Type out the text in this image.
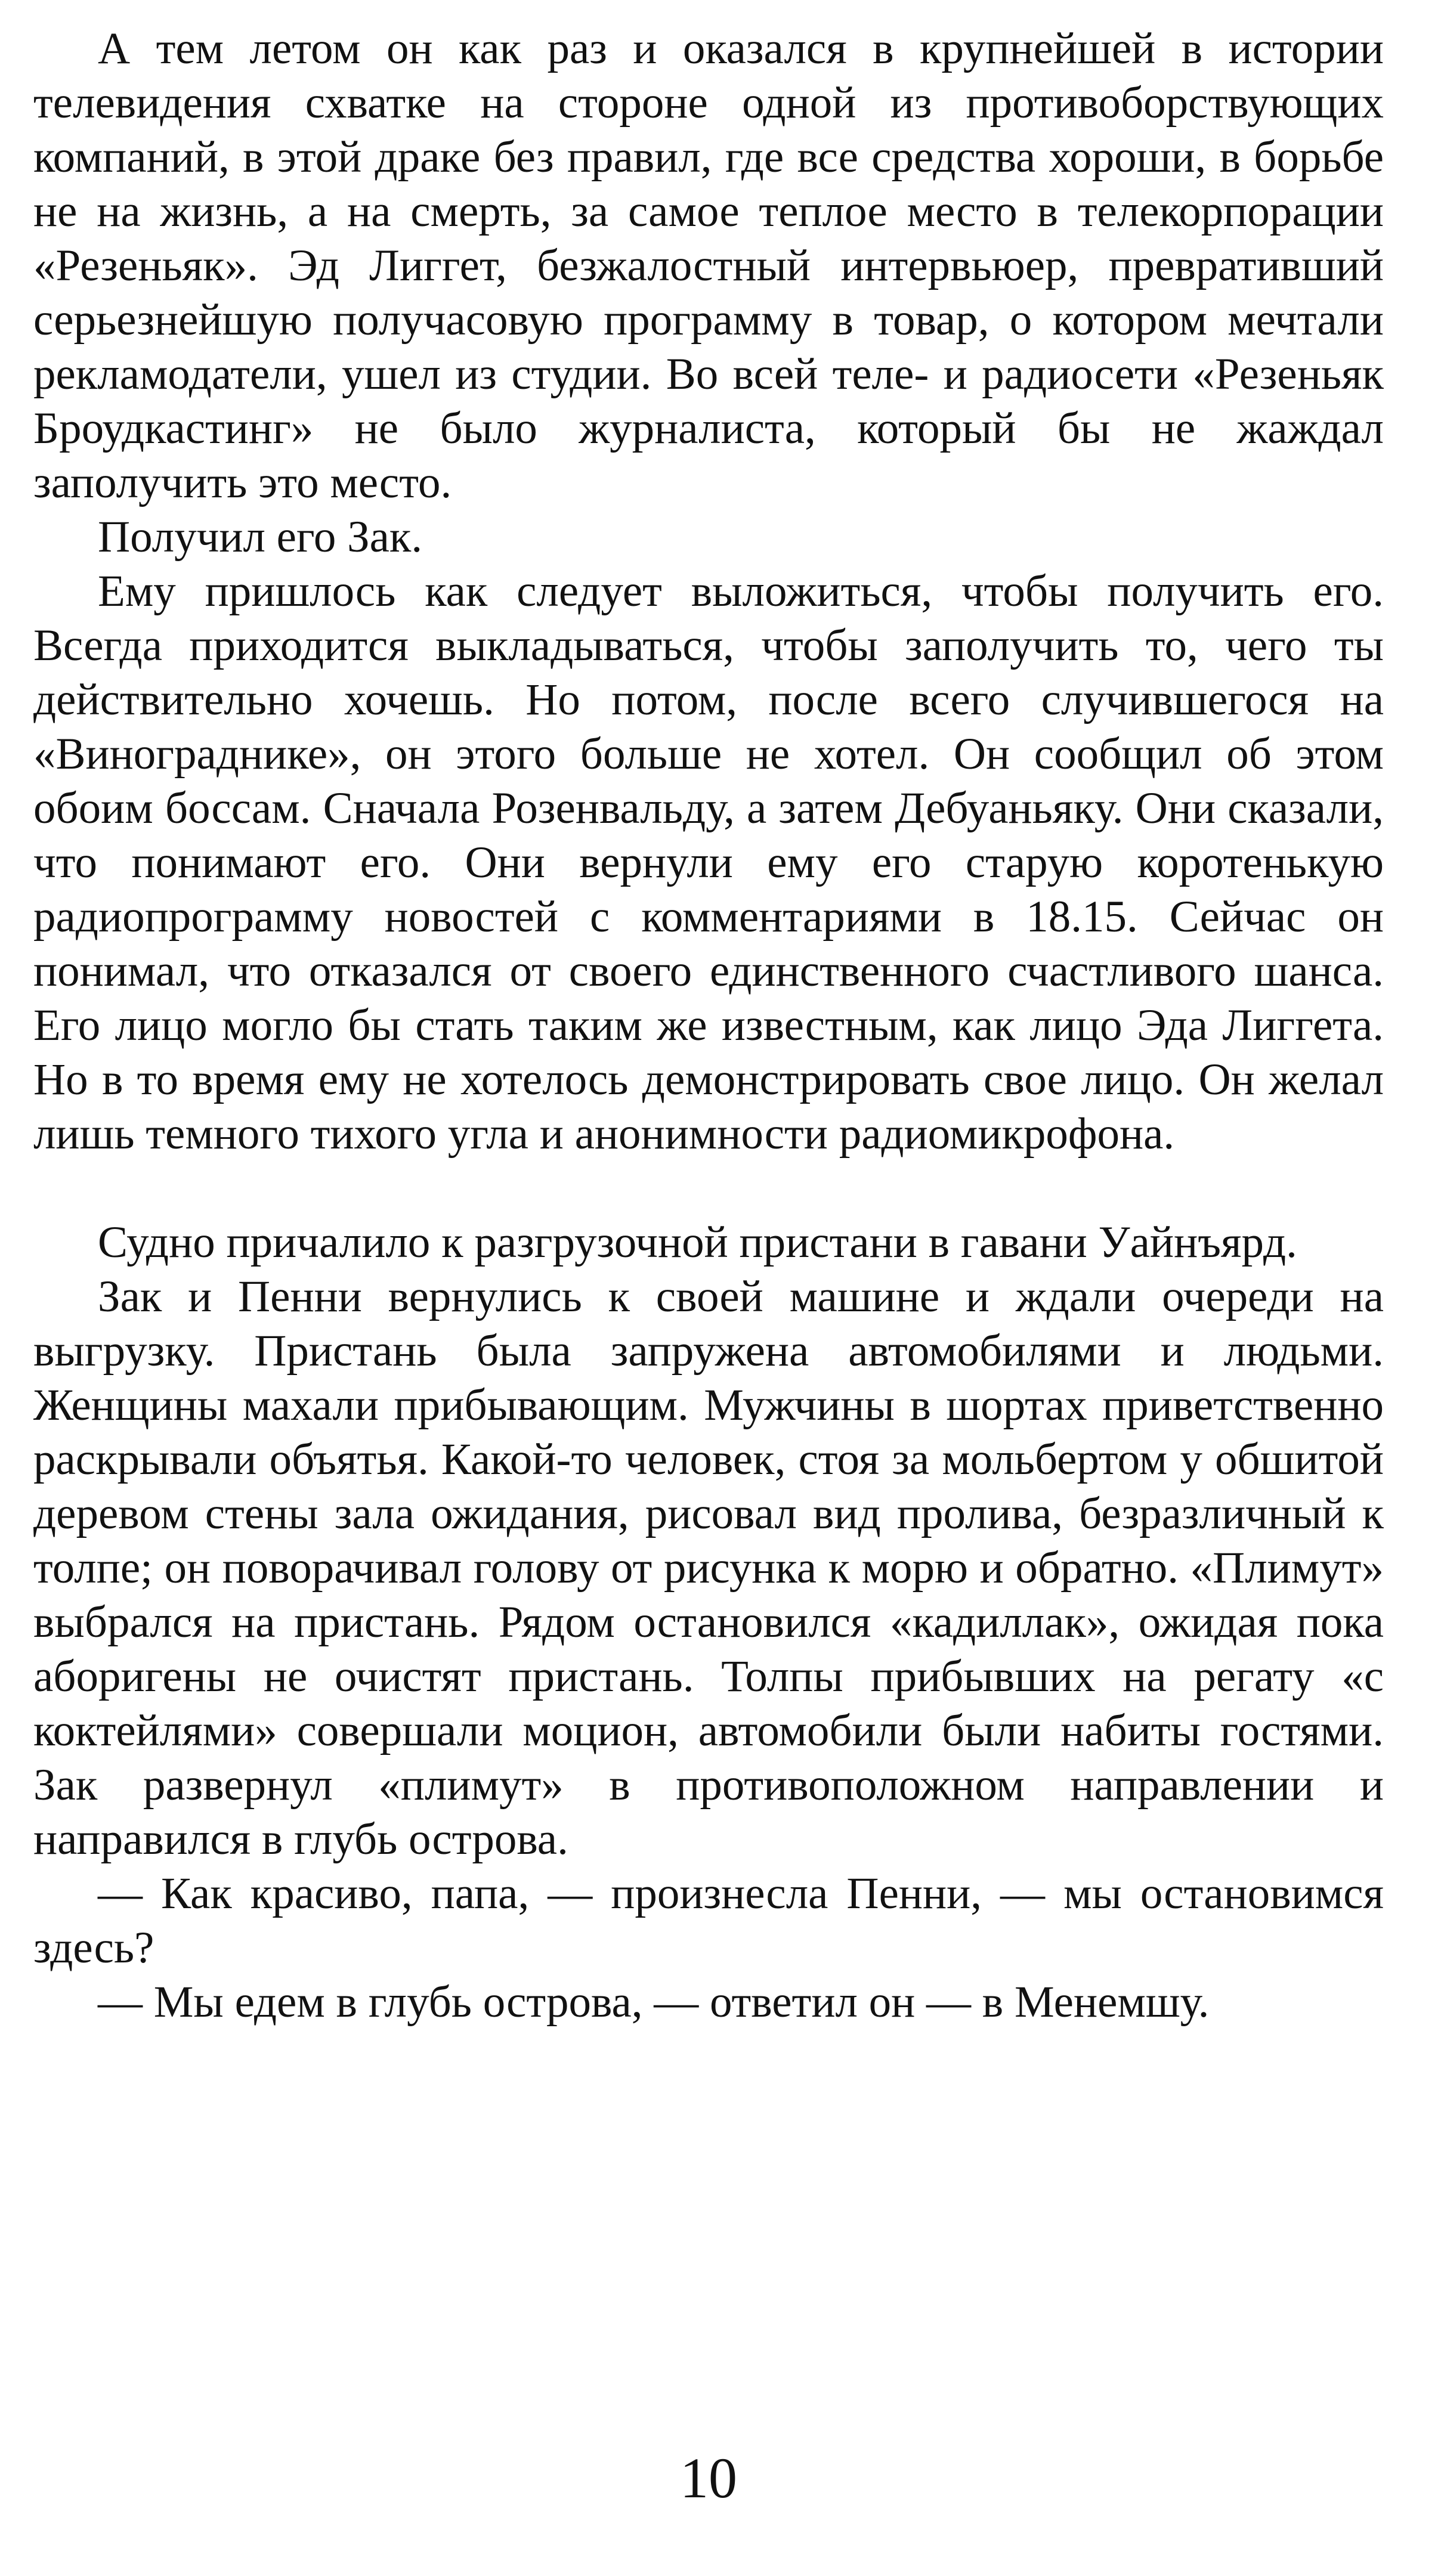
А тем летом он как раз и оказался в крупнейшей в истории телевидения схватке на стороне одной из противоборствующих компаний, в этой драке без правил, где все средства хороши, в борьбе не на жизнь, а на смерть, за самое теплое место в телекорпорации «Резеньяк». Эд Лиггет, безжалостный интервьюер, превративший серьезнейшую получасовую программу в товар, о котором мечтали рекламодатели, ушел из студии. Во всей теле- и радиосети «Резеньяк Броудкастинг» не было журналиста, который бы не жаждал заполучить это место.

Получил его Зак.

Ему пришлось как следует выложиться, чтобы получить его. Всегда приходится выкладываться, чтобы заполучить то, чего ты действительно хочешь. Но потом, после всего случившегося на «Винограднике», он этого больше не хотел. Он сообщил об этом обоим боссам. Сначала Розенвальду, а затем Дебуаньяку. Они сказали, что понимают его. Они вернули ему его старую коротенькую радиопрограмму новостей с комментариями в 18.15. Сейчас он понимал, что отказался от своего единственного счастливого шанса. Его лицо могло бы стать таким же известным, как лицо Эда Лиггета. Но в то время ему не хотелось демонстрировать свое лицо. Он желал лишь темного тихого угла и анонимности радиомикрофона.

Судно причалило к разгрузочной пристани в гавани Уайнъярд.

Зак и Пенни вернулись к своей машине и ждали очереди на выгрузку. Пристань была запружена автомобилями и людьми. Женщины махали прибывающим. Мужчины в шортах приветственно раскрывали объятья. Какой-то человек, стоя за мольбертом у обшитой деревом стены зала ожидания, рисовал вид пролива, безразличный к толпе; он поворачивал голову от рисунка к морю и обратно. «Плимут» выбрался на пристань. Рядом остановился «кадиллак», ожидая пока аборигены не очистят пристань. Толпы прибывших на регату «с коктейлями» совершали моцион, автомобили были набиты гостями. Зак развернул «плимут» в противоположном направлении и направился в глубь острова.

— Как красиво, папа, — произнесла Пенни, — мы остановимся здесь?

— Мы едем в глубь острова, — ответил он — в Менемшу.

10
